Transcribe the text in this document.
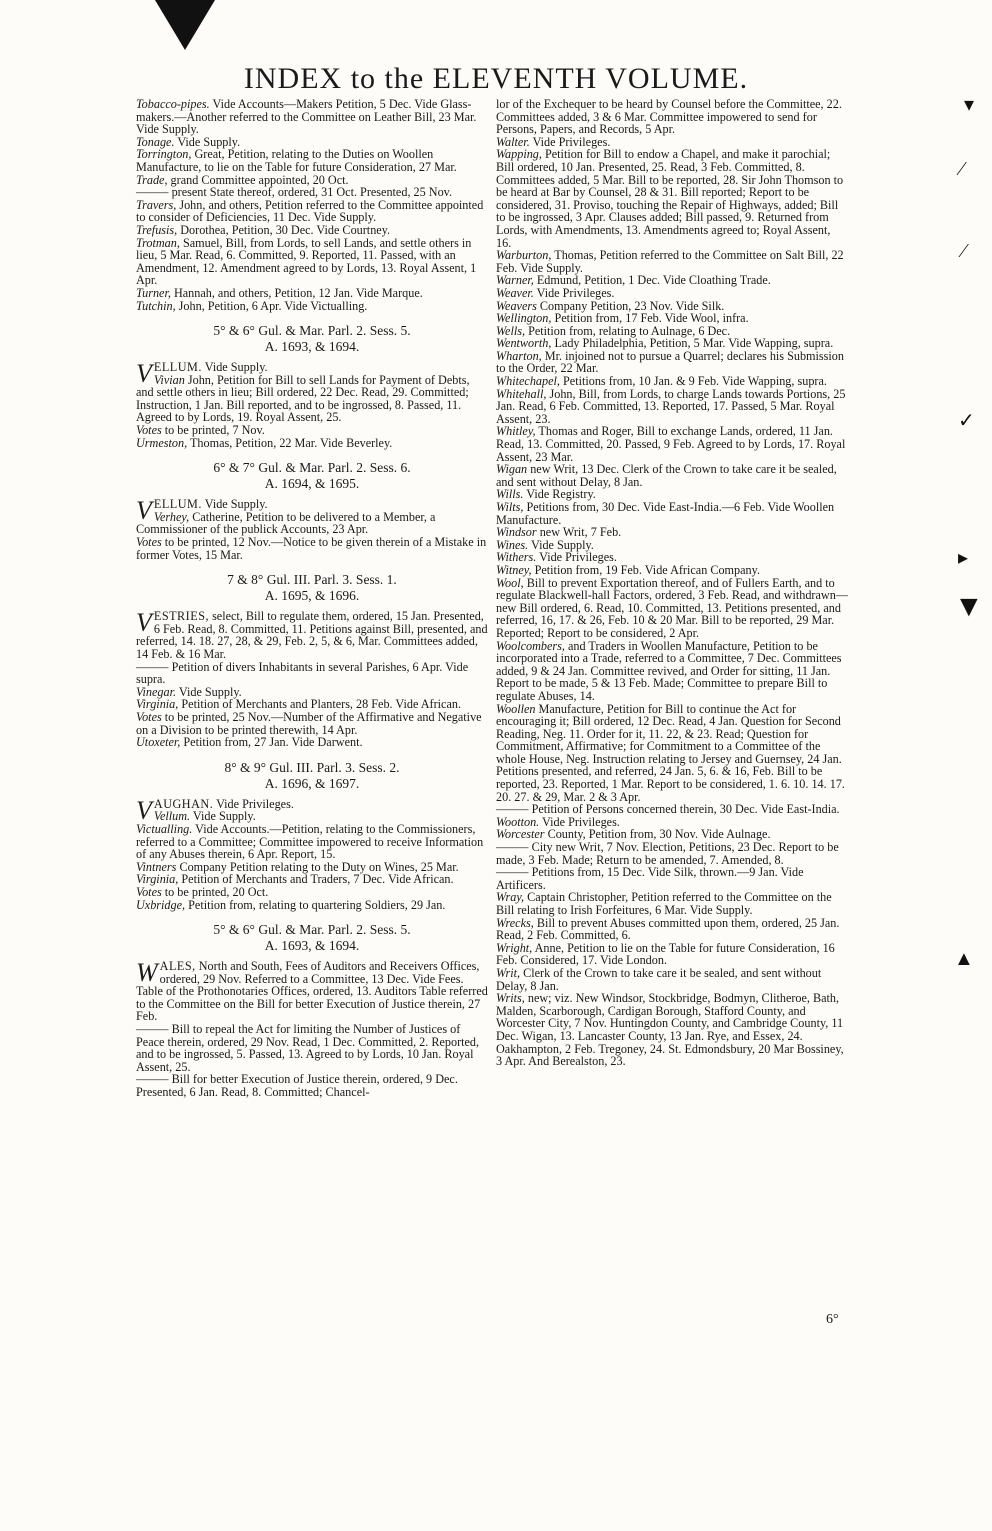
INDEX to the ELEVENTH VOLUME.

Tobacco-pipes. Vide Accounts—Makers Petition, 5 Dec. Vide Glass-makers.—Another referred to the Committee on Leather Bill, 23 Mar. Vide Supply.

Tonage. Vide Supply.

Torrington, Great, Petition, relating to the Duties on Woollen Manufacture, to lie on the Table for future Consideration, 27 Mar.

Trade, grand Committee appointed, 20 Oct.

——— present State thereof, ordered, 31 Oct. Presented, 25 Nov.

Travers, John, and others, Petition referred to the Committee appointed to consider of Deficiencies, 11 Dec. Vide Supply.

Trefusis, Dorothea, Petition, 30 Dec. Vide Courtney.

Trotman, Samuel, Bill, from Lords, to sell Lands, and settle others in lieu, 5 Mar. Read, 6. Committed, 9. Reported, 11. Passed, with an Amendment, 12. Amendment agreed to by Lords, 13. Royal Assent, 1 Apr.

Turner, Hannah, and others, Petition, 12 Jan. Vide Marque.

Tutchin, John, Petition, 6 Apr. Vide Victualling.

5° & 6° Gul. & Mar. Parl. 2. Sess. 5.
A. 1693, & 1694.

VELLUM. Vide Supply.

Vivian John, Petition for Bill to sell Lands for Payment of Debts, and settle others in lieu; Bill ordered, 22 Dec. Read, 29. Committed; Instruction, 1 Jan. Bill reported, and to be ingrossed, 8. Passed, 11. Agreed to by Lords, 19. Royal Assent, 25.

Votes to be printed, 7 Nov.

Urmeston, Thomas, Petition, 22 Mar. Vide Beverley.

6° & 7° Gul. & Mar. Parl. 2. Sess. 6.
A. 1694, & 1695.

VELLUM. Vide Supply.

Verhey, Catherine, Petition to be delivered to a Member, a Commissioner of the publick Accounts, 23 Apr.

Votes to be printed, 12 Nov.—Notice to be given therein of a Mistake in former Votes, 15 Mar.

7 & 8° Gul. III. Parl. 3. Sess. 1.
A. 1695, & 1696.

VESTRIES, select, Bill to regulate them, ordered, 15 Jan. Presented, 6 Feb. Read, 8. Committed, 11. Petitions against Bill, presented, and referred, 14. 18. 27, 28, & 29, Feb. 2, 5, & 6, Mar. Committees added, 14 Feb. & 16 Mar.

——— Petition of divers Inhabitants in several Parishes, 6 Apr. Vide supra.

Vinegar. Vide Supply.

Virginia, Petition of Merchants and Planters, 28 Feb. Vide African.

Votes to be printed, 25 Nov.—Number of the Affirmative and Negative on a Division to be printed therewith, 14 Apr.

Utoxeter, Petition from, 27 Jan. Vide Darwent.

8° & 9° Gul. III. Parl. 3. Sess. 2.
A. 1696, & 1697.

VAUGHAN. Vide Privileges.

Vellum. Vide Supply.

Victualling. Vide Accounts.—Petition, relating to the Commissioners, referred to a Committee; Committee impowered to receive Information of any Abuses therein, 6 Apr. Report, 15.

Vintners Company Petition relating to the Duty on Wines, 25 Mar.

Virginia, Petition of Merchants and Traders, 7 Dec. Vide African.

Votes to be printed, 20 Oct.

Uxbridge, Petition from, relating to quartering Soldiers, 29 Jan.

5° & 6° Gul. & Mar. Parl. 2. Sess. 5.
A. 1693, & 1694.

WALES, North and South, Fees of Auditors and Receivers Offices, ordered, 29 Nov. Referred to a Committee, 13 Dec. Vide Fees. Table of the Prothonotaries Offices, ordered, 13. Auditors Table referred to the Committee on the Bill for better Execution of Justice therein, 27 Feb.

——— Bill to repeal the Act for limiting the Number of Justices of Peace therein, ordered, 29 Nov. Read, 1 Dec. Committed, 2. Reported, and to be ingrossed, 5. Passed, 13. Agreed to by Lords, 10 Jan. Royal Assent, 25.

——— Bill for better Execution of Justice therein, ordered, 9 Dec. Presented, 6 Jan. Read, 8. Committed; Chancel-

lor of the Exchequer to be heard by Counsel before the Committee, 22. Committees added, 3 & 6 Mar. Committee impowered to send for Persons, Papers, and Records, 5 Apr.

Walter. Vide Privileges.

Wapping, Petition for Bill to endow a Chapel, and make it parochial; Bill ordered, 10 Jan. Presented, 25. Read, 3 Feb. Committed, 8. Committees added, 5 Mar. Bill to be reported, 28. Sir John Thomson to be heard at Bar by Counsel, 28 & 31. Bill reported; Report to be considered, 31. Proviso, touching the Repair of Highways, added; Bill to be ingrossed, 3 Apr. Clauses added; Bill passed, 9. Returned from Lords, with Amendments, 13. Amendments agreed to; Royal Assent, 16.

Warburton, Thomas, Petition referred to the Committee on Salt Bill, 22 Feb. Vide Supply.

Warner, Edmund, Petition, 1 Dec. Vide Cloathing Trade.

Weaver. Vide Privileges.

Weavers Company Petition, 23 Nov. Vide Silk.

Wellington, Petition from, 17 Feb. Vide Wool, infra.

Wells, Petition from, relating to Aulnage, 6 Dec.

Wentworth, Lady Philadelphia, Petition, 5 Mar. Vide Wapping, supra.

Wharton, Mr. injoined not to pursue a Quarrel; declares his Submission to the Order, 22 Mar.

Whitechapel, Petitions from, 10 Jan. & 9 Feb. Vide Wapping, supra.

Whitehall, John, Bill, from Lords, to charge Lands towards Portions, 25 Jan. Read, 6 Feb. Committed, 13. Reported, 17. Passed, 5 Mar. Royal Assent, 23.

Whitley, Thomas and Roger, Bill to exchange Lands, ordered, 11 Jan. Read, 13. Committed, 20. Passed, 9 Feb. Agreed to by Lords, 17. Royal Assent, 23 Mar.

Wigan new Writ, 13 Dec. Clerk of the Crown to take care it be sealed, and sent without Delay, 8 Jan.

Wills. Vide Registry.

Wilts, Petitions from, 30 Dec. Vide East-India.—6 Feb. Vide Woollen Manufacture.

Windsor new Writ, 7 Feb.

Wines. Vide Supply.

Withers. Vide Privileges.

Witney, Petition from, 19 Feb. Vide African Company.

Wool, Bill to prevent Exportation thereof, and of Fullers Earth, and to regulate Blackwell-hall Factors, ordered, 3 Feb. Read, and withdrawn—new Bill ordered, 6. Read, 10. Committed, 13. Petitions presented, and referred, 16, 17. & 26, Feb. 10 & 20 Mar. Bill to be reported, 29 Mar. Reported; Report to be considered, 2 Apr.

Woolcombers, and Traders in Woollen Manufacture, Petition to be incorporated into a Trade, referred to a Committee, 7 Dec. Committees added, 9 & 24 Jan. Committee revived, and Order for sitting, 11 Jan. Report to be made, 5 & 13 Feb. Made; Committee to prepare Bill to regulate Abuses, 14.

Woollen Manufacture, Petition for Bill to continue the Act for encouraging it; Bill ordered, 12 Dec. Read, 4 Jan. Question for Second Reading, Neg. 11. Order for it, 11. 22, & 23. Read; Question for Commitment, Affirmative; for Commitment to a Committee of the whole House, Neg. Instruction relating to Jersey and Guernsey, 24 Jan. Petitions presented, and referred, 24 Jan. 5, 6. & 16, Feb. Bill to be reported, 23. Reported, 1 Mar. Report to be considered, 1. 6. 10. 14. 17. 20. 27. & 29, Mar. 2 & 3 Apr.

——— Petition of Persons concerned therein, 30 Dec. Vide East-India.

Wootton. Vide Privileges.

Worcester County, Petition from, 30 Nov. Vide Aulnage.

——— City new Writ, 7 Nov. Election, Petitions, 23 Dec. Report to be made, 3 Feb. Made; Return to be amended, 7. Amended, 8.

——— Petitions from, 15 Dec. Vide Silk, thrown.—9 Jan. Vide Artificers.

Wray, Captain Christopher, Petition referred to the Committee on the Bill relating to Irish Forfeitures, 6 Mar. Vide Supply.

Wrecks, Bill to prevent Abuses committed upon them, ordered, 25 Jan. Read, 2 Feb. Committed, 6.

Wright, Anne, Petition to lie on the Table for future Consideration, 16 Feb. Considered, 17. Vide London.

Writ, Clerk of the Crown to take care it be sealed, and sent without Delay, 8 Jan.

Writs, new; viz. New Windsor, Stockbridge, Bodmyn, Clitheroe, Bath, Malden, Scarborough, Cardigan Borough, Stafford County, and Worcester City, 7 Nov. Huntingdon County, and Cambridge County, 11 Dec. Wigan, 13. Lancaster County, 13 Jan. Rye, and Essex, 24. Oakhampton, 2 Feb. Tregoney, 24. St. Edmondsbury, 20 Mar Bossiney, 3 Apr. And Berealston, 23.

6°
▾
⁄
⁄
✓
▸
▼
▲
